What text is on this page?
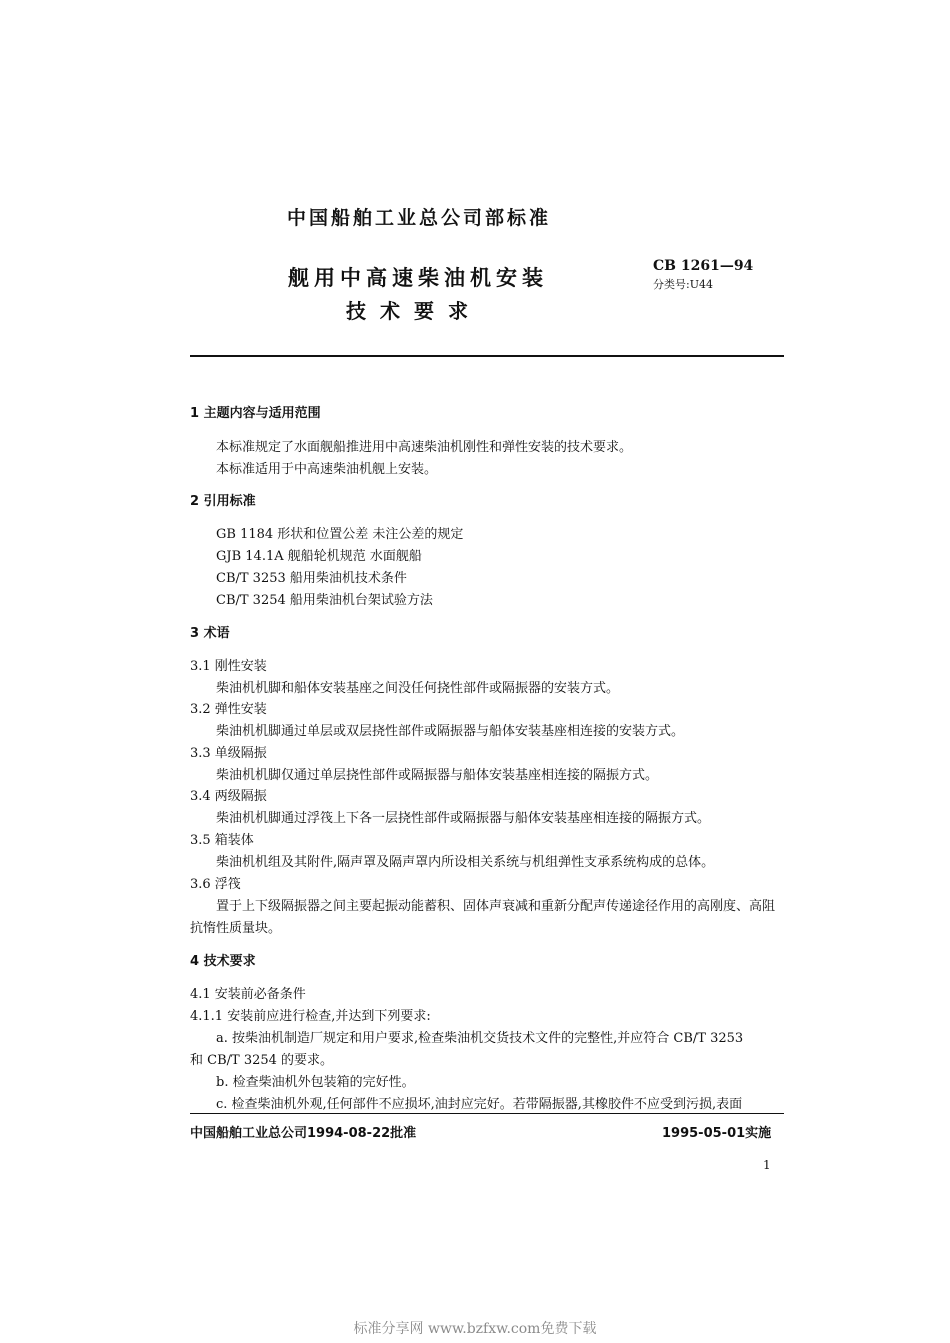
中国船舶工业总公司部标准
舰用中高速柴油机安装
技术要求
CB 1261—94
分类号:U44
1 主题内容与适用范围
本标准规定了水面舰船推进用中高速柴油机刚性和弹性安装的技术要求。
本标准适用于中高速柴油机舰上安装。
2 引用标准
GB 1184 形状和位置公差 未注公差的规定
GJB 14.1A 舰船轮机规范 水面舰船
CB/T 3253 船用柴油机技术条件
CB/T 3254 船用柴油机台架试验方法
3 术语
3.1 刚性安装
柴油机机脚和船体安装基座之间没任何挠性部件或隔振器的安装方式。
3.2 弹性安装
柴油机机脚通过单层或双层挠性部件或隔振器与船体安装基座相连接的安装方式。
3.3 单级隔振
柴油机机脚仅通过单层挠性部件或隔振器与船体安装基座相连接的隔振方式。
3.4 两级隔振
柴油机机脚通过浮筏上下各一层挠性部件或隔振器与船体安装基座相连接的隔振方式。
3.5 箱装体
柴油机机组及其附件,隔声罩及隔声罩内所设相关系统与机组弹性支承系统构成的总体。
3.6 浮筏
置于上下级隔振器之间主要起振动能蓄积、固体声衰减和重新分配声传递途径作用的高刚度、高阻
抗惰性质量块。
4 技术要求
4.1 安装前必备条件
4.1.1 安装前应进行检查,并达到下列要求:
a. 按柴油机制造厂规定和用户要求,检查柴油机交货技术文件的完整性,并应符合 CB/T 3253
和 CB/T 3254 的要求。
b. 检查柴油机外包装箱的完好性。
c. 检查柴油机外观,任何部件不应损坏,油封应完好。若带隔振器,其橡胶件不应受到污损,表面
中国船舶工业总公司1994-08-22批准	1995-05-01实施
1
标准分享网 www.bzfxw.com免费下载
